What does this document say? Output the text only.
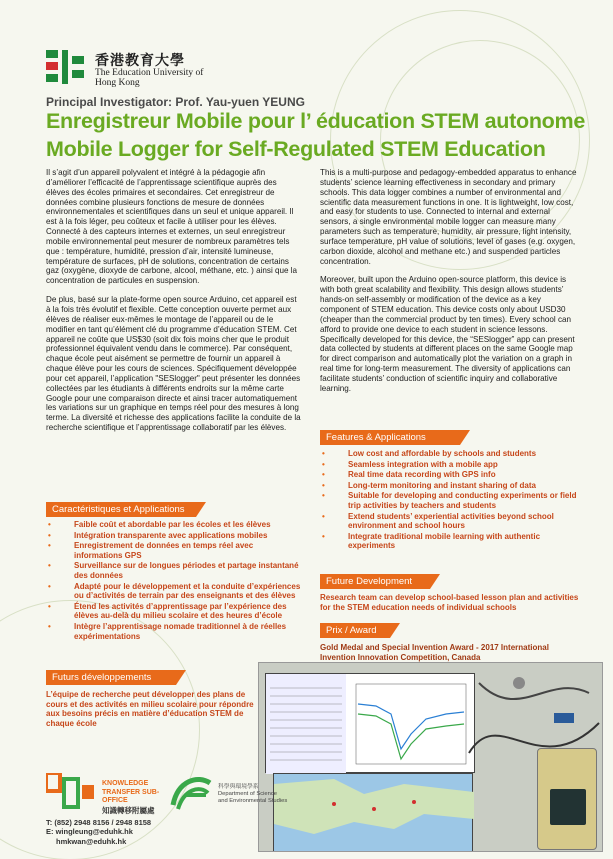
香港教育大學
The Education University of Hong Kong
Principal Investigator: Prof. Yau-yuen YEUNG
Enregistreur Mobile pour l’ éducation STEM autonome
Mobile Logger for Self-Regulated STEM Education

Il s’agit d’un appareil polyvalent et intégré à la pédagogie afin d’améliorer l’efficacité de l’apprentissage scientifique auprès des élèves des écoles primaires et secondaires. Cet enregistreur de données combine plusieurs fonctions de mesure de données environnementales et scientifiques dans un seul et unique appareil. Il est à la fois léger, peu coûteux et facile à utiliser pour les élèves. Connecté à des capteurs internes et externes, un seul enregistreur mobile environnemental peut mesurer de nombreux paramètres tels que : température, humidité, pression d’air, intensité lumineuse, température de surfaces, pH de solutions, concentration de certains gaz (oxygène, dioxyde de carbone, alcool, méthane, etc. ) ainsi que la concentration de particules en suspension.

De plus, basé sur la plate-forme open source Arduino, cet appareil est à la fois très évolutif et flexible. Cette conception ouverte permet aux élèves de réaliser eux-mêmes le montage de l’appareil ou de le modifier en tant qu’élément clé du programme d’éducation STEM. Cet appareil ne coûte que US$30 (soit dix fois moins cher que le produit professionnel équivalent vendu dans le commerce). Par conséquent, chaque école peut aisément se permettre de fournir un appareil à chaque élève pour les cours de sciences. Spécifiquement développée pour cet appareil, l’application "SESlogger" peut présenter les données collectées par les étudiants à différents endroits sur la même carte Google pour une comparaison directe et ainsi tracer automatiquement les variations sur un graphique en temps réel pour des mesures à long terme. La diversité et richesse des applications facilite la conduite de la recherche scientifique et l’apprentissage collaboratif par les élèves.

Caractéristiques et Applications
• Faible coût et abordable par les écoles et les élèves
• Intégration transparente avec applications mobiles
• Enregistrement de données en temps réel avec informations GPS
• Surveillance sur de longues périodes et partage instantané des données
• Adapté pour le développement et la conduite d’expériences ou d’activités de terrain par des enseignants et des élèves
• Étend les activités d’apprentissage par l’expérience des élèves au-delà du milieu scolaire et des heures d’école
• Intègre l’apprentissage nomade traditionnel à de réelles expérimentations
Futurs développements
L’équipe de recherche peut développer des plans de cours et des activités en milieu scolaire pour répondre aux besoins précis en matière d’éducation STEM de chaque école

This is a multi-purpose and pedagogy-embedded apparatus to enhance students’ science learning effectiveness in secondary and primary schools. This data logger combines a number of environmental and scientific data measurement functions in one. It is lightweight, low cost, and easy for students to use. Connected to internal and external sensors, a single environmental mobile logger can measure many parameters such as temperature, humidity, air pressure, light intensity, surface temperature, pH value of solutions, level of gases (e.g. oxygen, carbon dioxide, alcohol and methane etc.) and suspended particles concentration.

Moreover, built upon the Arduino open-source platform, this device is with both great scalability and flexibility. This design allows students’ hands-on self-assembly or modification of the device as a key component of STEM education. This device costs only about USD30 (cheaper than the commercial product by ten times). Every school can afford to provide one device to each student in science lessons. Specifically developed for this device, the “SESlogger” app can present data collected by students at different places on the same Google map for direct comparison and automatically plot the variation on a graph in real time for long-term measurement. The diversity of applications can facilitate students’ conduction of scientific inquiry and collaborative learning.

Features & Applications
• Low cost and affordable by schools and students
• Seamless integration with a mobile app
• Real time data recording with GPS info
• Long-term monitoring and instant sharing of data
• Suitable for developing and conducting experiments or field trip activities by teachers and students
• Extend students’ experiential activities beyond school environment and school hours
• Integrate traditional mobile learning with authentic experiments
Future Development
Research team can develop school-based lesson plan and activities for the STEM education needs of individual schools
Prix / Award
Gold Medal and Special Invention Award - 2017 International Invention Innovation Competition, Canada
KNOWLEDGE TRANSFER SUB-OFFICE
知識轉移附屬處
T: (852) 2948 8156 / 2948 8158
E: wingleung@eduhk.hk
hmkwan@eduhk.hk
科學與環境學系
Department of Science and Environmental Studies
